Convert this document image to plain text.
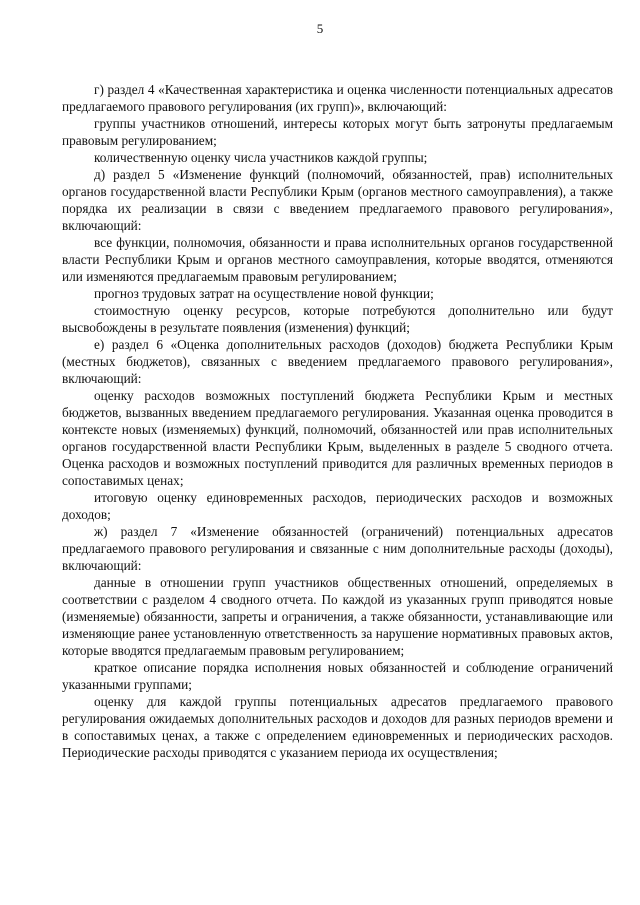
5

г) раздел 4 «Качественная характеристика и оценка численности потенциальных адресатов предлагаемого правового регулирования (их групп)», включающий:

группы участников отношений, интересы которых могут быть затронуты предлагаемым правовым регулированием;

количественную оценку числа участников каждой группы;

д) раздел 5 «Изменение функций (полномочий, обязанностей, прав) исполнительных органов государственной власти Республики Крым (органов местного самоуправления), а также порядка их реализации в связи с введением предлагаемого правового регулирования», включающий:

все функции, полномочия, обязанности и права исполнительных органов государственной власти Республики Крым и органов местного самоуправления, которые вводятся, отменяются или изменяются предлагаемым правовым регулированием;

прогноз трудовых затрат на осуществление новой функции;

стоимостную оценку ресурсов, которые потребуются дополнительно или будут высвобождены в результате появления (изменения) функций;

е) раздел 6 «Оценка дополнительных расходов (доходов) бюджета Республики Крым (местных бюджетов), связанных с введением предлагаемого правового регулирования», включающий:

оценку расходов возможных поступлений бюджета Республики Крым и местных бюджетов, вызванных введением предлагаемого регулирования. Указанная оценка проводится в контексте новых (изменяемых) функций, полномочий, обязанностей или прав исполнительных органов государственной власти Республики Крым, выделенных в разделе 5 сводного отчета. Оценка расходов и возможных поступлений приводится для различных временных периодов в сопоставимых ценах;

итоговую оценку единовременных расходов, периодических расходов и возможных доходов;

ж) раздел 7 «Изменение обязанностей (ограничений) потенциальных адресатов предлагаемого правового регулирования и связанные с ним дополнительные расходы (доходы), включающий:

данные в отношении групп участников общественных отношений, определяемых в соответствии с разделом 4 сводного отчета. По каждой из указанных групп приводятся новые (изменяемые) обязанности, запреты и ограничения, а также обязанности, устанавливающие или изменяющие ранее установленную ответственность за нарушение нормативных правовых актов, которые вводятся предлагаемым правовым регулированием;

краткое описание порядка исполнения новых обязанностей и соблюдение ограничений указанными группами;

оценку для каждой группы потенциальных адресатов предлагаемого правового регулирования ожидаемых дополнительных расходов и доходов для разных периодов времени и в сопоставимых ценах, а также с определением единовременных и периодических расходов. Периодические расходы приводятся с указанием периода их осуществления;
